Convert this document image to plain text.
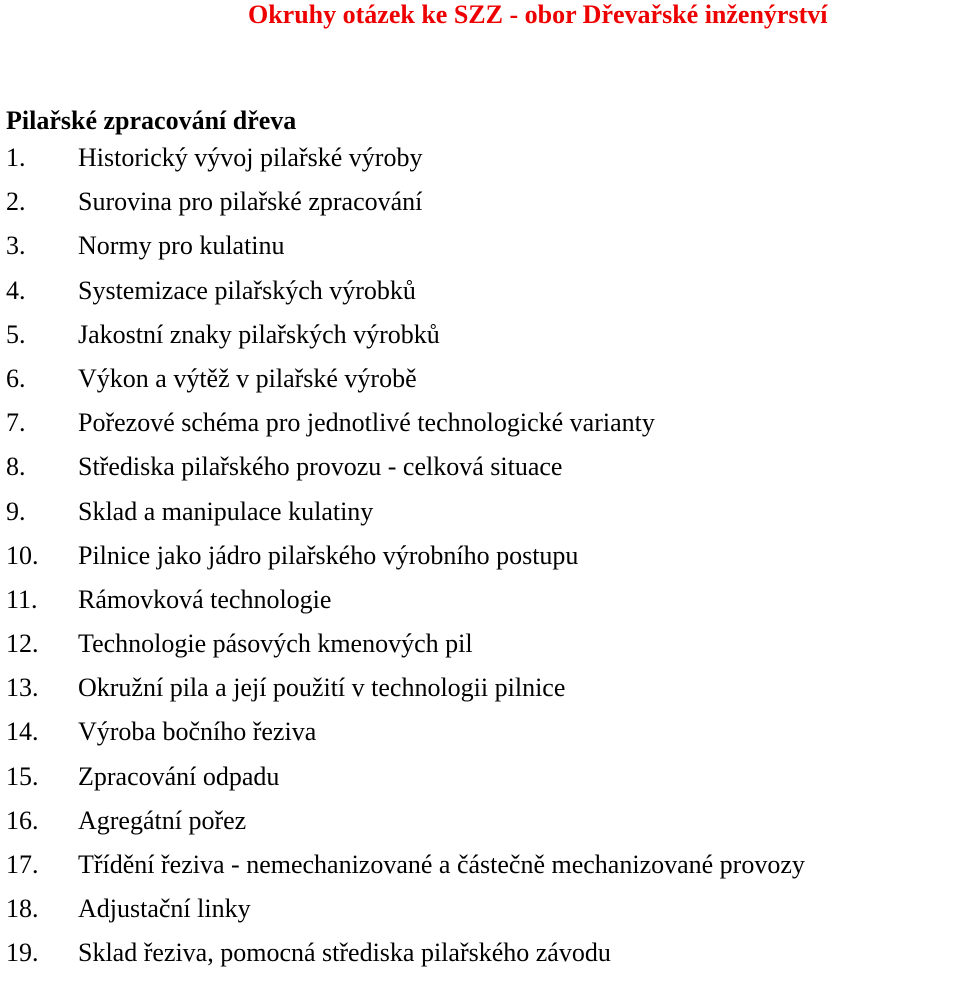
Okruhy otázek ke SZZ - obor Dřevařské inženýrství
Pilařské zpracování dřeva
1. Historický vývoj pilařské výroby
2. Surovina pro pilařské zpracování
3. Normy pro kulatinu
4. Systemizace pilařských výrobků
5. Jakostní znaky pilařských výrobků
6. Výkon a výtěž v pilařské výrobě
7. Pořezové schéma pro jednotlivé technologické varianty
8. Střediska pilařského provozu - celková situace
9. Sklad a manipulace kulatiny
10. Pilnice jako jádro pilařského výrobního postupu
11. Rámovková technologie
12. Technologie pásových kmenových pil
13. Okružní pila a její použití v technologii pilnice
14. Výroba bočního řeziva
15. Zpracování odpadu
16. Agregátní pořez
17. Třídění řeziva - nemechanizované a částečně mechanizované provozy
18. Adjustační linky
19. Sklad řeziva, pomocná střediska pilařského závodu
